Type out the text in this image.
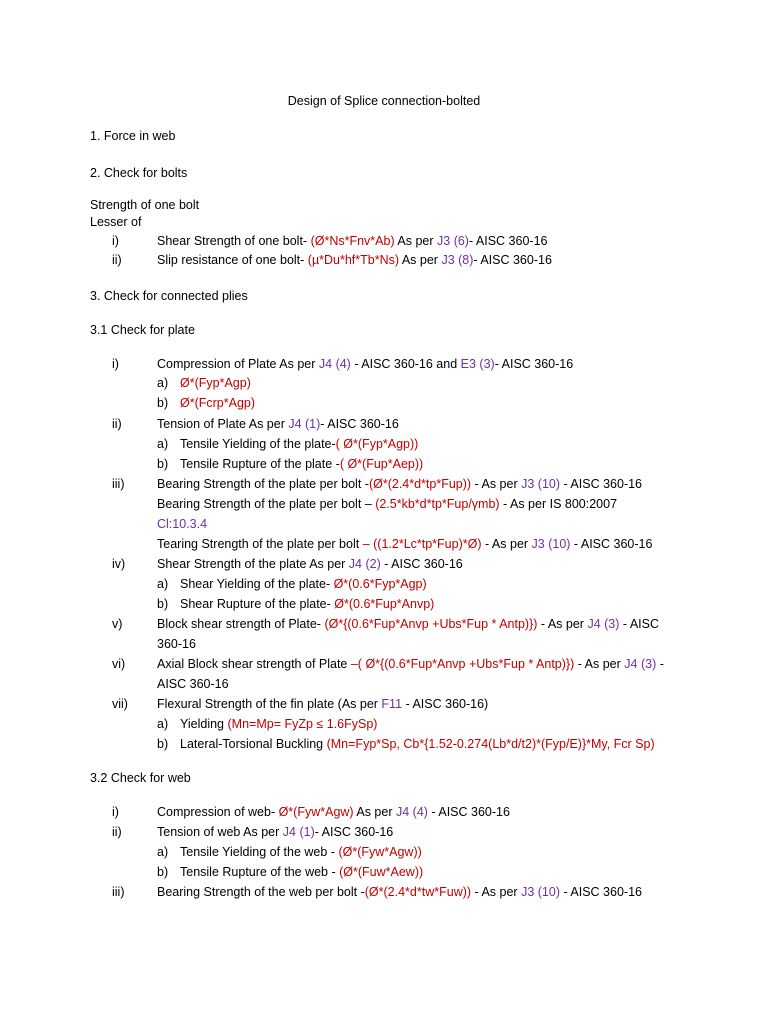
Design of Splice connection-bolted
1. Force in web
2. Check for bolts
Strength of one bolt
Lesser of
i)	Shear Strength of one bolt- (Ø*Ns*Fnv*Ab) As per J3 (6)- AISC 360-16
ii)	Slip resistance of one bolt- (µ*Du*hf*Tb*Ns) As per J3 (8)- AISC 360-16
3. Check for connected plies
3.1 Check for plate
i)	Compression of Plate As per J4 (4) - AISC 360-16 and E3 (3)- AISC 360-16
a) Ø*(Fyp*Agp)
b) Ø*(Fcrp*Agp)
ii)	Tension of Plate As per J4 (1)- AISC 360-16
a) Tensile Yielding of the plate-( Ø*(Fyp*Agp))
b) Tensile Rupture of the plate -( Ø*(Fup*Aep))
iii)	Bearing Strength of the plate per bolt -(Ø*(2.4*d*tp*Fup)) - As per J3 (10) - AISC 360-16
Bearing Strength of the plate per bolt – (2.5*kb*d*tp*Fup/γmb) - As per IS 800:2007
Cl:10.3.4
Tearing Strength of the plate per bolt – ((1.2*Lc*tp*Fup)*Ø) - As per J3 (10) - AISC 360-16
iv)	Shear Strength of the plate As per J4 (2) - AISC 360-16
a) Shear Yielding of the plate- Ø*(0.6*Fyp*Agp)
b) Shear Rupture of the plate- Ø*(0.6*Fup*Anvp)
v)	Block shear strength of Plate- (Ø*{(0.6*Fup*Anvp +Ubs*Fup * Antp)}) - As per J4 (3) - AISC
360-16
vi)	Axial Block shear strength of Plate –( Ø*{(0.6*Fup*Anvp +Ubs*Fup * Antp)}) - As per J4 (3) -
AISC 360-16
vii) Flexural Strength of the fin plate (As per F11 - AISC 360-16)
a) Yielding (Mn=Mp= FyZp ≤ 1.6FySp)
b) Lateral-Torsional Buckling (Mn=Fyp*Sp, Cb*{1.52-0.274(Lb*d/t2)*(Fyp/E)}*My, Fcr Sp)
3.2 Check for web
i)	Compression of web- Ø*(Fyw*Agw) As per J4 (4) - AISC 360-16
ii)	Tension of web As per J4 (1)- AISC 360-16
a) Tensile Yielding of the web - (Ø*(Fyw*Agw))
b) Tensile Rupture of the web - (Ø*(Fuw*Aew))
iii)	Bearing Strength of the web per bolt -(Ø*(2.4*d*tw*Fuw)) - As per J3 (10) - AISC 360-16
